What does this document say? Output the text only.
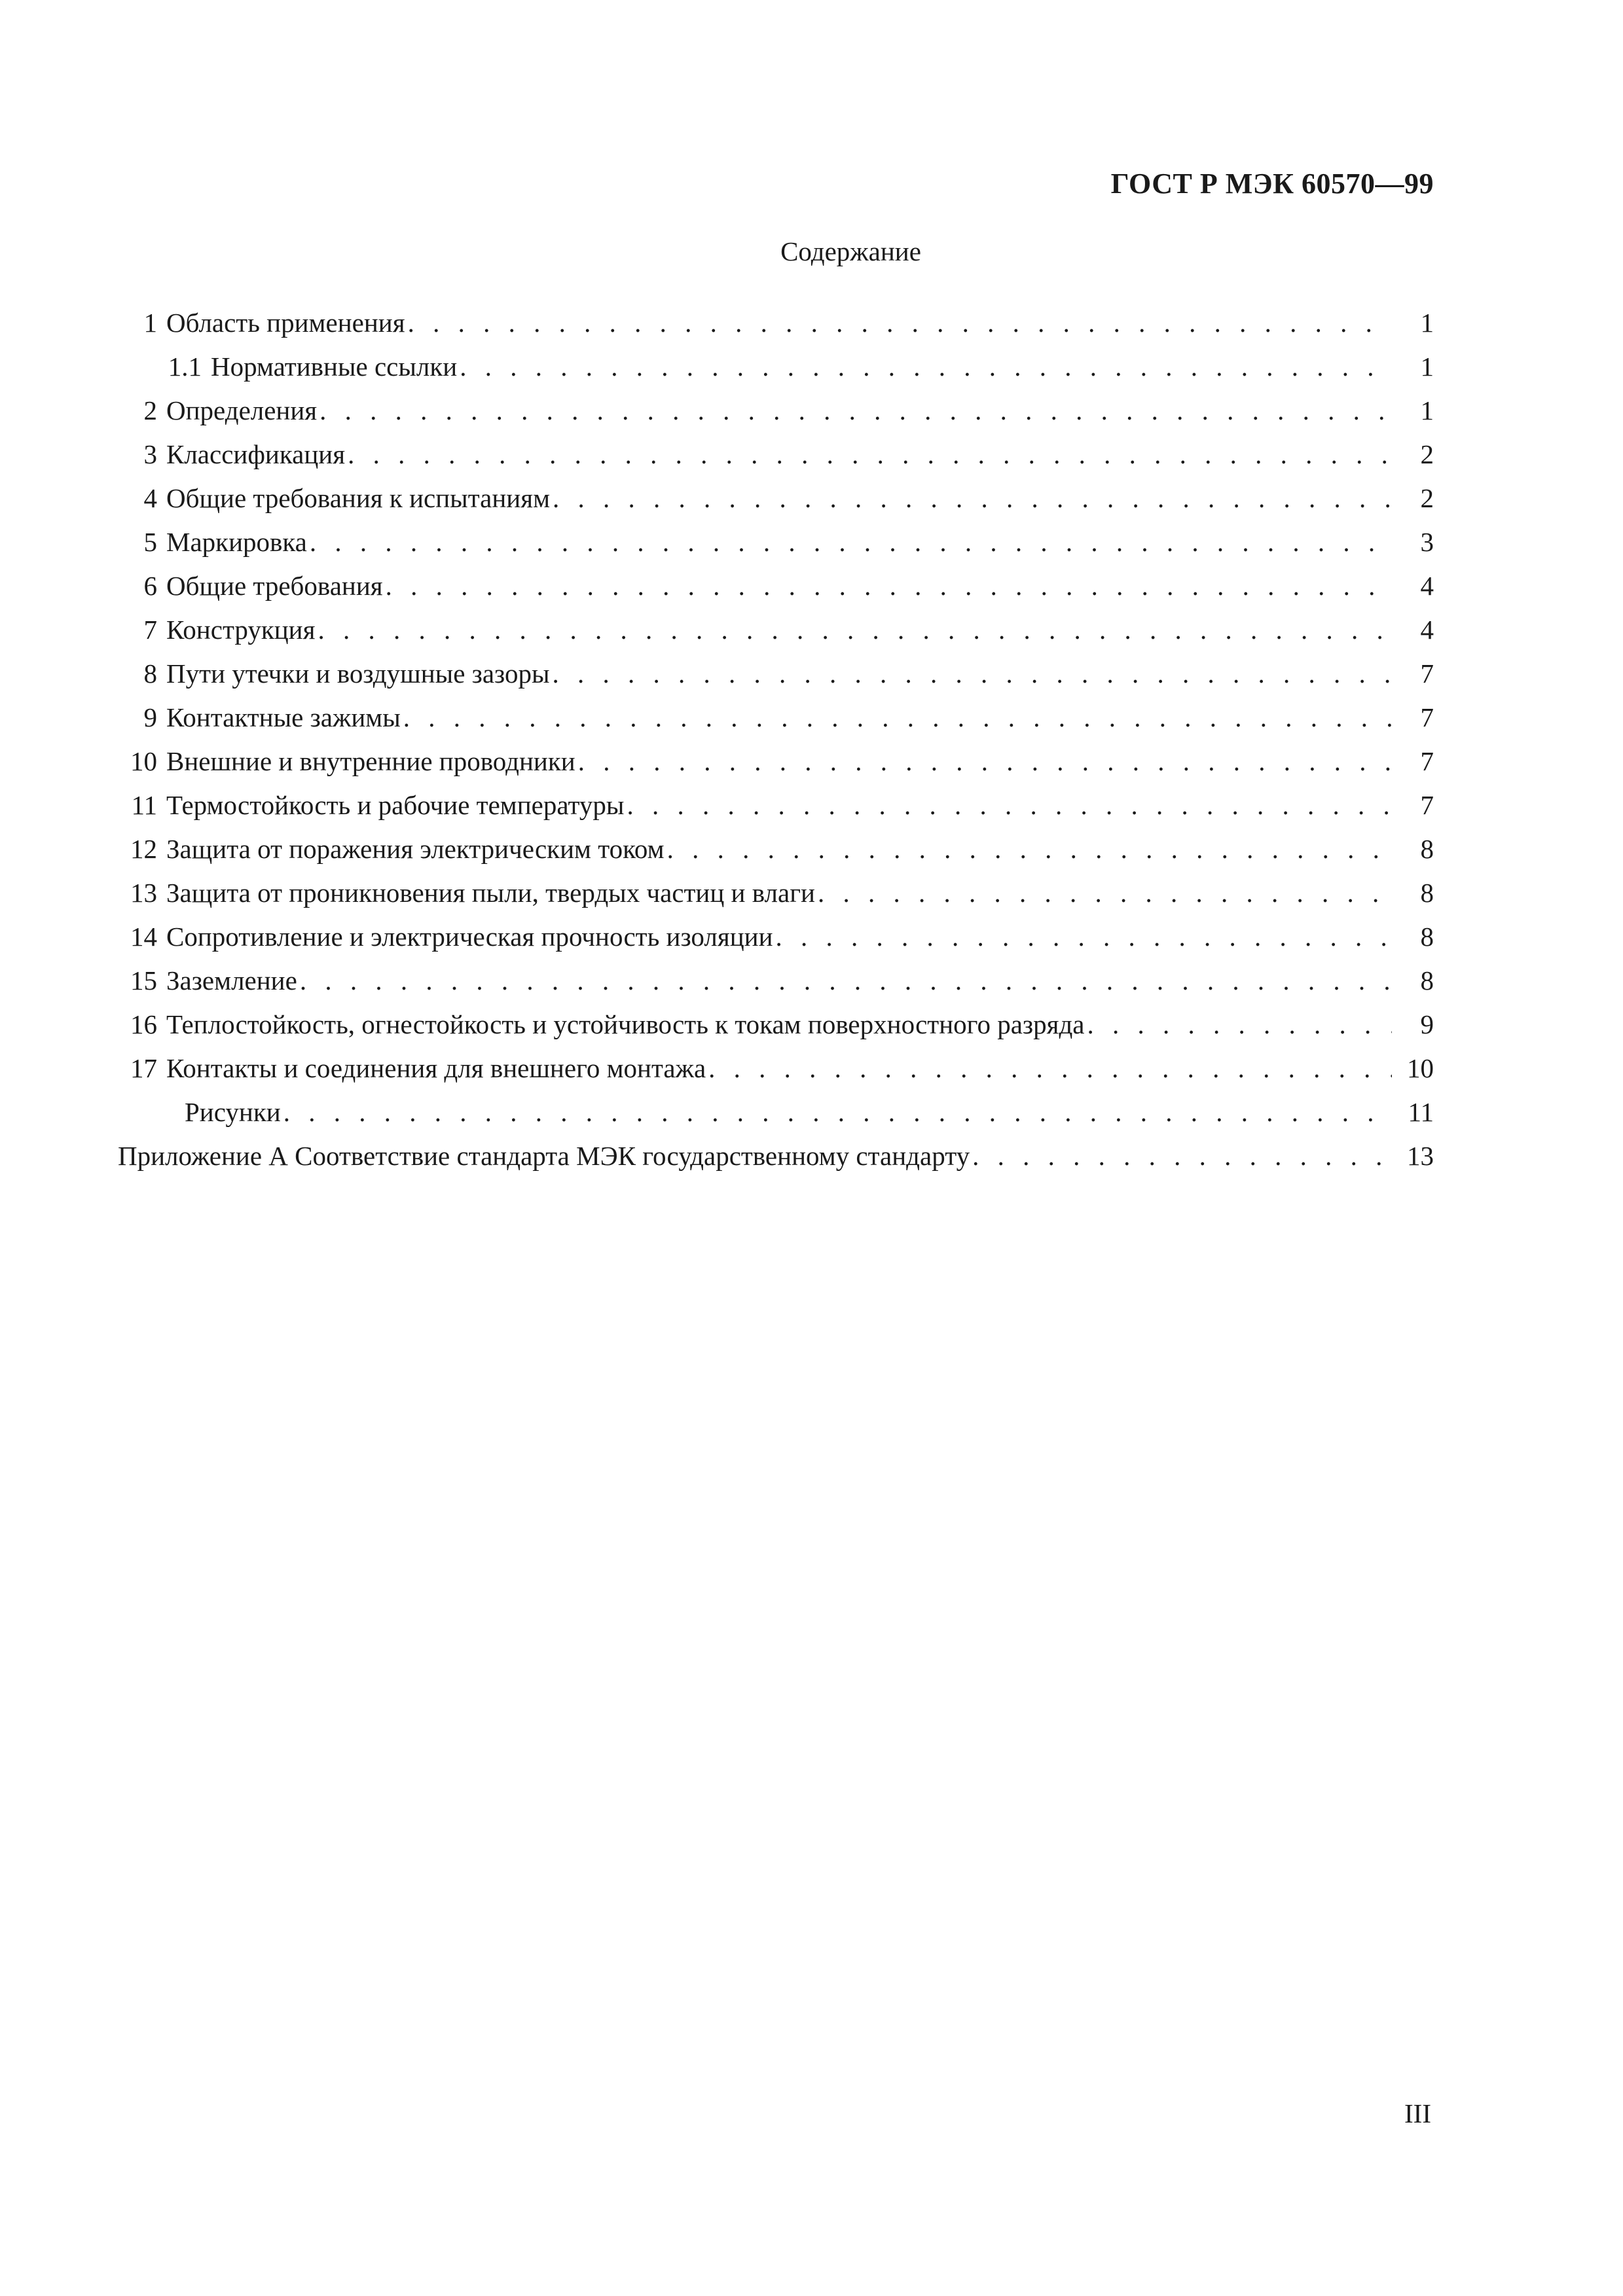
ГОСТ Р МЭК 60570—99
Содержание
1 Область применения . . .	1
1.1 Нормативные ссылки . . .	1
2 Определения . . .	1
3 Классификация . . .	2
4 Общие требования к испытаниям . . .	2
5 Маркировка . . .	3
6 Общие требования . . .	4
7 Конструкция . . .	4
8 Пути утечки и воздушные зазоры . . .	7
9 Контактные зажимы . . .	7
10 Внешние и внутренние проводники . . .	7
11 Термостойкость и рабочие температуры . . .	7
12 Защита от поражения электрическим током . . .	8
13 Защита от проникновения пыли, твердых частиц и влаги . . .	8
14 Сопротивление и электрическая прочность изоляции . . .	8
15 Заземление . . .	8
16 Теплостойкость, огнестойкость и устойчивость к токам поверхностного разряда . . .	9
17 Контакты и соединения для внешнего монтажа . . .	10
Рисунки . . .	11
Приложение А Соответствие стандарта МЭК государственному стандарту . . .	13
III
